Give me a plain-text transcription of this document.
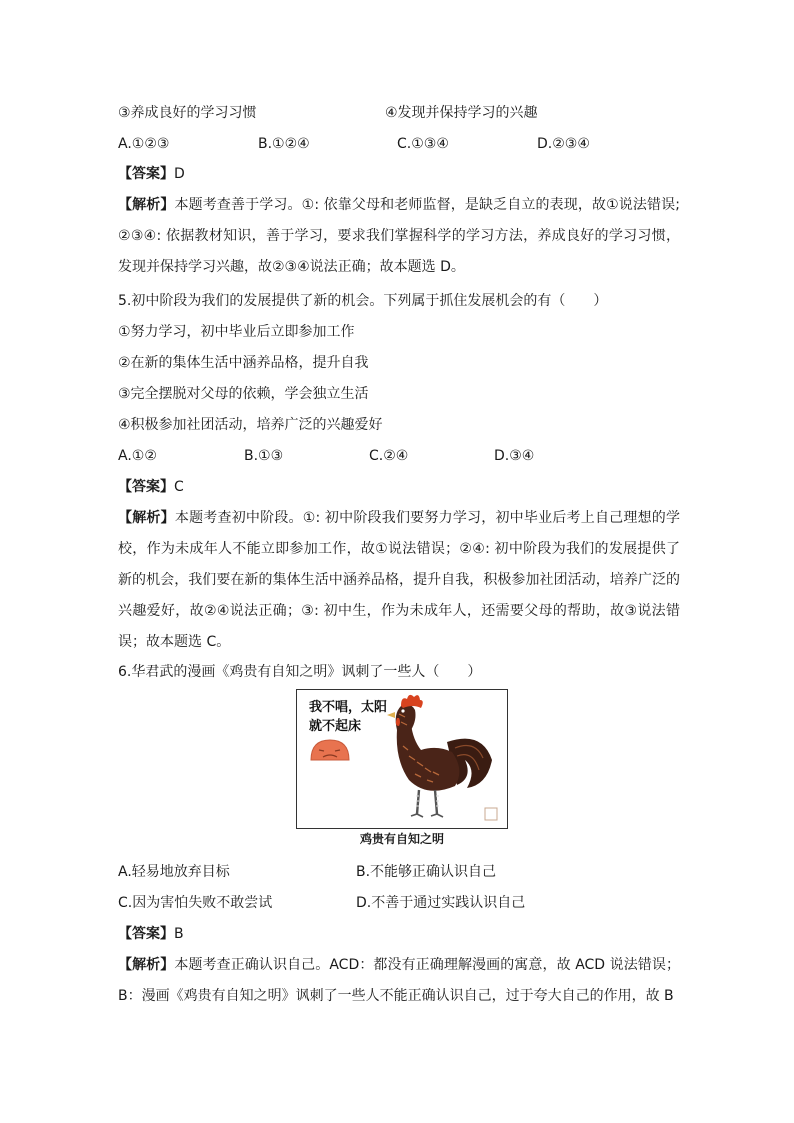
③养成良好的学习习惯	④发现并保持学习的兴趣
A.①②③	B.①②④	C.①③④	D.②③④
【答案】D
【解析】本题考查善于学习。①: 依靠父母和老师监督，是缺乏自立的表现，故①说法错误; ②③④: 依据教材知识，善于学习，要求我们掌握科学的学习方法，养成良好的学习习惯，发现并保持学习兴趣，故②③④说法正确；故本题选 D。
5.初中阶段为我们的发展提供了新的机会。下列属于抓住发展机会的有（　　）
①努力学习，初中毕业后立即参加工作
②在新的集体生活中涵养品格，提升自我
③完全摆脱对父母的依赖，学会独立生活
④积极参加社团活动，培养广泛的兴趣爱好
A.①②	B.①③	C.②④	D.③④
【答案】C
【解析】本题考查初中阶段。①: 初中阶段我们要努力学习，初中毕业后考上自己理想的学校，作为未成年人不能立即参加工作，故①说法错误；②④: 初中阶段为我们的发展提供了新的机会，我们要在新的集体生活中涵养品格，提升自我，积极参加社团活动，培养广泛的兴趣爱好，故②④说法正确；③: 初中生，作为未成年人，还需要父母的帮助，故③说法错误；故本题选 C。
6.华君武的漫画《鸡贵有自知之明》讽刺了一些人（　　）
我不唱，太阳
就不起床
鸡贵有自知之明
A.轻易地放弃目标	B.不能够正确认识自己
C.因为害怕失败不敢尝试	D.不善于通过实践认识自己
【答案】B
【解析】本题考查正确认识自己。ACD：都没有正确理解漫画的寓意，故 ACD 说法错误；B：漫画《鸡贵有自知之明》讽刺了一些人不能正确认识自己，过于夸大自己的作用，故 B
